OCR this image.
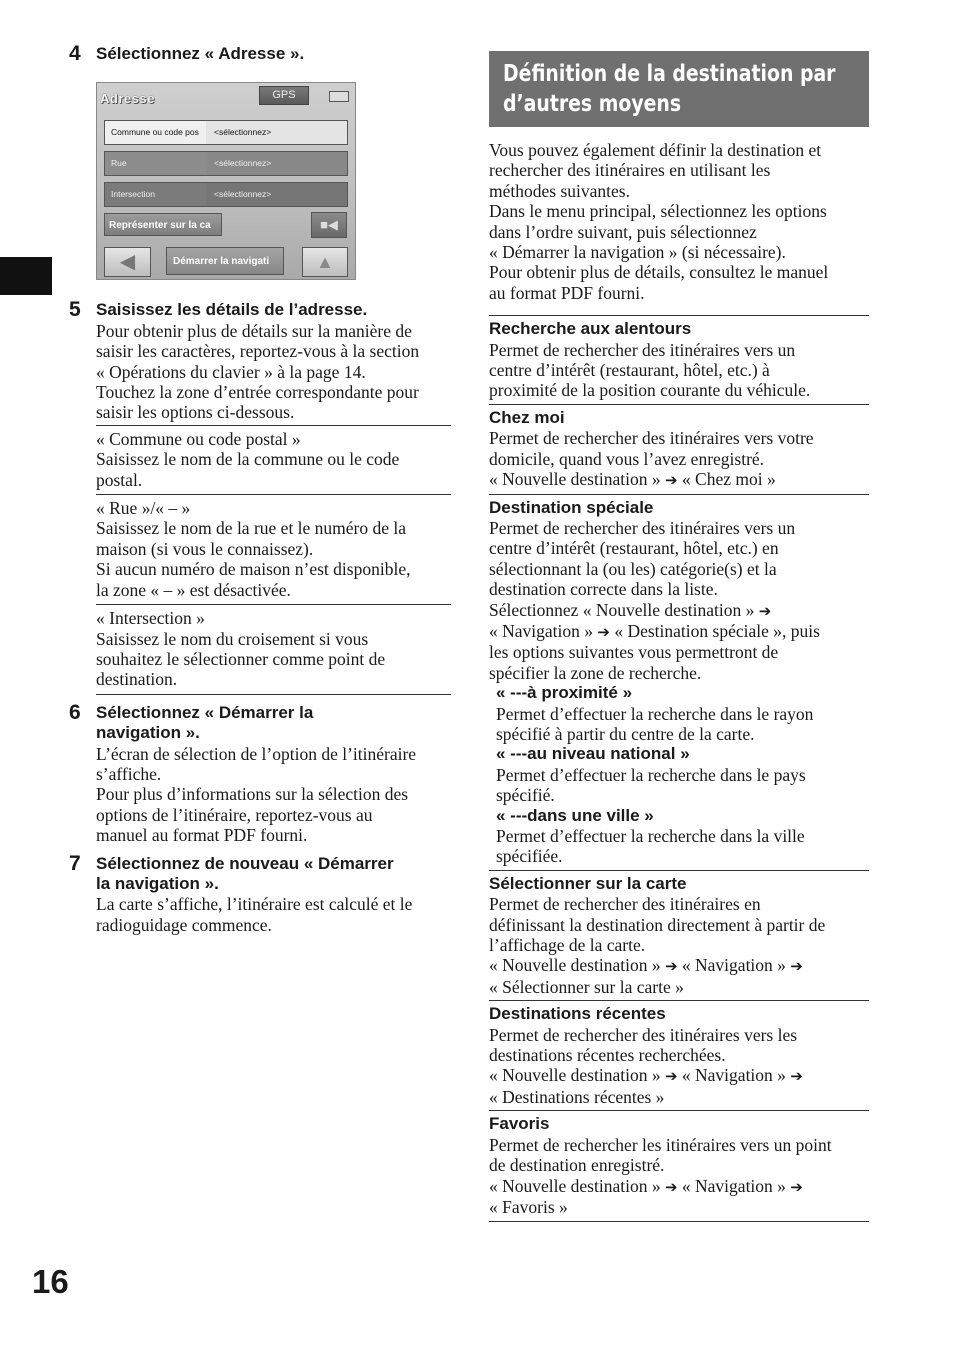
4 Sélectionnez « Adresse ».
Adresse	GPS
Commune ou code pos	<sélectionnez>
Rue	<sélectionnez>
Intersection	<sélectionnez>
Représenter sur la ca	■◀
◀	Démarrer la navigati	▲
5 Saisissez les détails de l’adresse.

Pour obtenir plus de détails sur la manière de
saisir les caractères, reportez-vous à la section
« Opérations du clavier » à la page 14.
Touchez la zone d’entrée correspondante pour
saisir les options ci-dessous.

« Commune ou code postal »
Saisissez le nom de la commune ou le code
postal.
« Rue »/« – »
Saisissez le nom de la rue et le numéro de la
maison (si vous le connaissez).
Si aucun numéro de maison n’est disponible,
la zone « – » est désactivée.
« Intersection »
Saisissez le nom du croisement si vous
souhaitez le sélectionner comme point de
destination.
6 Sélectionnez « Démarrer la
navigation ».

L’écran de sélection de l’option de l’itinéraire
s’affiche.
Pour plus d’informations sur la sélection des
options de l’itinéraire, reportez-vous au
manuel au format PDF fourni.

7 Sélectionnez de nouveau « Démarrer
la navigation ».

La carte s’affiche, l’itinéraire est calculé et le
radioguidage commence.

Définition de la destination par
d’autres moyens

Vous pouvez également définir la destination et
rechercher des itinéraires en utilisant les
méthodes suivantes.
Dans le menu principal, sélectionnez les options
dans l’ordre suivant, puis sélectionnez
« Démarrer la navigation » (si nécessaire).
Pour obtenir plus de détails, consultez le manuel
au format PDF fourni.

Recherche aux alentours
Permet de rechercher des itinéraires vers un
centre d’intérêt (restaurant, hôtel, etc.) à
proximité de la position courante du véhicule.
Chez moi
Permet de rechercher des itinéraires vers votre
domicile, quand vous l’avez enregistré.
« Nouvelle destination » ➔ « Chez moi »
Destination spéciale
Permet de rechercher des itinéraires vers un
centre d’intérêt (restaurant, hôtel, etc.) en
sélectionnant la (ou les) catégorie(s) et la
destination correcte dans la liste.
Sélectionnez « Nouvelle destination » ➔
« Navigation » ➔ « Destination spéciale », puis
les options suivantes vous permettront de
spécifier la zone de recherche.
« ---à proximité »
Permet d’effectuer la recherche dans le rayon
spécifié à partir du centre de la carte.
« ---au niveau national »
Permet d’effectuer la recherche dans le pays
spécifié.
« ---dans une ville »
Permet d’effectuer la recherche dans la ville
spécifiée.
Sélectionner sur la carte
Permet de rechercher des itinéraires en
définissant la destination directement à partir de
l’affichage de la carte.
« Nouvelle destination » ➔ « Navigation » ➔
« Sélectionner sur la carte »
Destinations récentes
Permet de rechercher des itinéraires vers les
destinations récentes recherchées.
« Nouvelle destination » ➔ « Navigation » ➔
« Destinations récentes »
Favoris
Permet de rechercher les itinéraires vers un point
de destination enregistré.
« Nouvelle destination » ➔ « Navigation » ➔
« Favoris »
16
